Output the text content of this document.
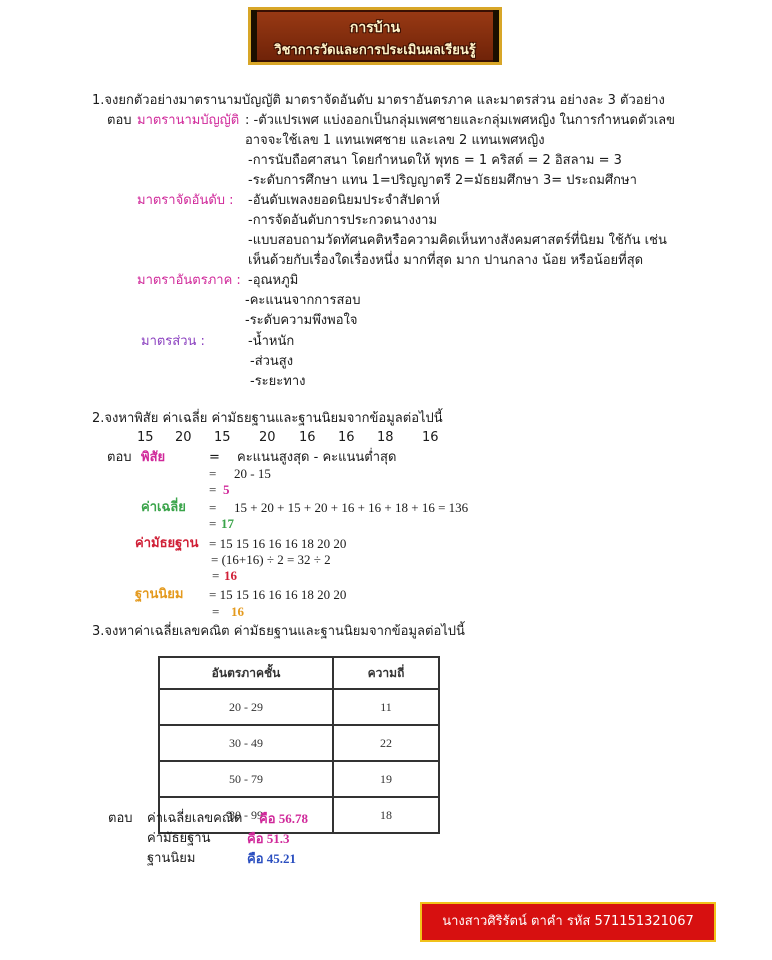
การบ้าน
วิชาการวัดและการประเมินผลเรียนรู้
1.จงยกตัวอย่างมาตรานามบัญญัติ มาตราจัดอันดับ มาตราอันตรภาค และมาตรส่วน อย่างละ 3 ตัวอย่าง
ตอบ มาตรานามบัญญัติ : -ตัวแปรเพศ แบ่งออกเป็นกลุ่มเพศชายและกลุ่มเพศหญิง ในการกำหนดตัวเลข
อาจจะใช้เลข 1 แทนเพศชาย และเลข 2 แทนเพศหญิง
-การนับถือศาสนา โดยกำหนดให้ พุทธ = 1 คริสต์ = 2 อิสลาม = 3
-ระดับการศึกษา แทน 1=ปริญญาตรี 2=มัธยมศึกษา 3= ประถมศึกษา
มาตราจัดอันดับ : -อันดับเพลงยอดนิยมประจำสัปดาห์
-การจัดอันดับการประกวดนางงาม
-แบบสอบถามวัดทัศนคติหรือความคิดเห็นทางสังคมศาสตร์ที่นิยม ใช้กัน เช่น
เห็นด้วยกับเรื่องใดเรื่องหนึ่ง มากที่สุด มาก ปานกลาง น้อย หรือน้อยที่สุด
มาตราอันตรภาค : -อุณหภูมิ
-คะแนนจากการสอบ
-ระดับความพึงพอใจ
มาตรส่วน :	-น้ำหนัก
-ส่วนสูง
-ระยะทาง
2.จงหาพิสัย ค่าเฉลี่ย ค่ามัธยฐานและฐานนิยมจากข้อมูลต่อไปนี้
15 20 15 20 16 16 18 16
ตอบ พิสัย	= คะแนนสูงสุด - คะแนนต่ำสุด
= 20 - 15
= 5
ค่าเฉลี่ย = 15 + 20 + 15 + 20 + 16 + 16 + 18 + 16 = 136
= 17
ค่ามัธยฐาน = 15 15 16 16 16 18 20 20
= (16+16) ÷ 2 = 32 ÷ 2
= 16
ฐานนิยม = 15 15 16 16 16 18 20 20
= 16
3.จงหาค่าเฉลี่ยเลขคณิต ค่ามัธยฐานและฐานนิยมจากข้อมูลต่อไปนี้
อันตรภาคชั้น	ความถี่
20 - 29	11
30 - 49	22
50 - 79	19
80 - 99	18
ตอบ ค่าเฉลี่ยเลขคณิต คือ 56.78
ค่ามัธยฐาน	คือ 51.3
ฐานนิยม	คือ 45.21
นางสาวศิริรัตน์ ตาคำ รหัส 571151321067
